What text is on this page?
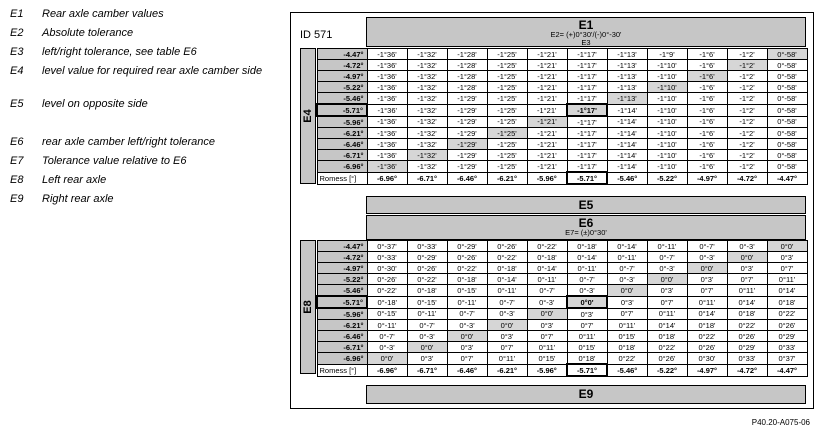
E1 Rear axle camber values
E2 Absolute tolerance
E3 left/right tolerance, see table E6
E4 level value for required rear axle camber side
E5 level on opposite side
E6 rear axle camber left/right tolerance
E7 Tolerance value relative to E6
E8 Left rear axle
E9 Right rear axle
ID 571
E1
E2= (+)0°30'/(-)0°-30'
E3
E4
-4.47°	-1°36'	-1°32'	-1°28'	-1°25'	-1°21'	-1°17'	-1°13'	-1°9'	-1°6'	-1°2'	0°-58'
-4.72°	-1°36'	-1°32'	-1°28'	-1°25'	-1°21'	-1°17'	-1°13'	-1°10'	-1°6'	-1°2'	0°-58'
-4.97°	-1°36'	-1°32'	-1°28'	-1°25'	-1°21'	-1°17'	-1°13'	-1°10'	-1°6'	-1°2'	0°-58'
-5.22°	-1°36'	-1°32'	-1°28'	-1°25'	-1°21'	-1°17'	-1°13'	-1°10'	-1°6'	-1°2'	0°-58'
-5.46°	-1°36'	-1°32'	-1°29'	-1°25'	-1°21'	-1°17'	-1°13'	-1°10'	-1°6'	-1°2'	0°-58'
-5.71°	-1°36'	-1°32'	-1°29'	-1°25'	-1°21'	-1°17'	-1°14'	-1°10'	-1°6'	-1°2'	0°-58'
-5.96°	-1°36'	-1°32'	-1°29'	-1°25'	-1°21'	-1°17'	-1°14'	-1°10'	-1°6'	-1°2'	0°-58'
-6.21°	-1°36'	-1°32'	-1°29'	-1°25'	-1°21'	-1°17'	-1°14'	-1°10'	-1°6'	-1°2'	0°-58'
-6.46°	-1°36'	-1°32'	-1°29'	-1°25'	-1°21'	-1°17'	-1°14'	-1°10'	-1°6'	-1°2'	0°-58'
-6.71°	-1°36'	-1°32'	-1°29'	-1°25'	-1°21'	-1°17'	-1°14'	-1°10'	-1°6'	-1°2'	0°-58'
-6.96°	-1°36'	-1°32'	-1°29'	-1°25'	-1°21'	-1°17'	-1°14'	-1°10'	-1°6'	-1°2'	0°-58'
Romess [°]	-6.96°	-6.71°	-6.46°	-6.21°	-5.96°	-5.71°	-5.46°	-5.22°	-4.97°	-4.72°	-4.47°
E5
E6
E7= (±)0°30'
E8
-4.47°	0°-37'	0°-33'	0°-29'	0°-26'	0°-22'	0°-18'	0°-14'	0°-11'	0°-7'	0°-3'	0°0'
-4.72°	0°-33'	0°-29'	0°-26'	0°-22'	0°-18'	0°-14'	0°-11'	0°-7'	0°-3'	0°0'	0°3'
-4.97°	0°-30'	0°-26'	0°-22'	0°-18'	0°-14'	0°-11'	0°-7'	0°-3'	0°0'	0°3'	0°7'
-5.22°	0°-26'	0°-22'	0°-18'	0°-14'	0°-11'	0°-7'	0°-3'	0°0'	0°3'	0°7'	0°11'
-5.46°	0°-22'	0°-18'	0°-15'	0°-11'	0°-7'	0°-3'	0°0'	0°3'	0°7'	0°11'	0°14'
-5.71°	0°-18'	0°-15'	0°-11'	0°-7'	0°-3'	0°0'	0°3'	0°7'	0°11'	0°14'	0°18'
-5.96°	0°-15'	0°-11'	0°-7'	0°-3'	0°0'	0°3'	0°7'	0°11'	0°14'	0°18'	0°22'
-6.21°	0°-11'	0°-7'	0°-3'	0°0'	0°3'	0°7'	0°11'	0°14'	0°18'	0°22'	0°26'
-6.46°	0°-7'	0°-3'	0°0'	0°3'	0°7'	0°11'	0°15'	0°18'	0°22'	0°26'	0°29'
-6.71°	0°-3'	0°0'	0°3'	0°7'	0°11'	0°15'	0°18'	0°22'	0°26'	0°29'	0°33'
-6.96°	0°0'	0°3'	0°7'	0°11'	0°15'	0°18'	0°22'	0°26'	0°30'	0°33'	0°37'
Romess [°]	-6.96°	-6.71°	-6.46°	-6.21°	-5.96°	-5.71°	-5.46°	-5.22°	-4.97°	-4.72°	-4.47°
E9
P40.20-A075-06
